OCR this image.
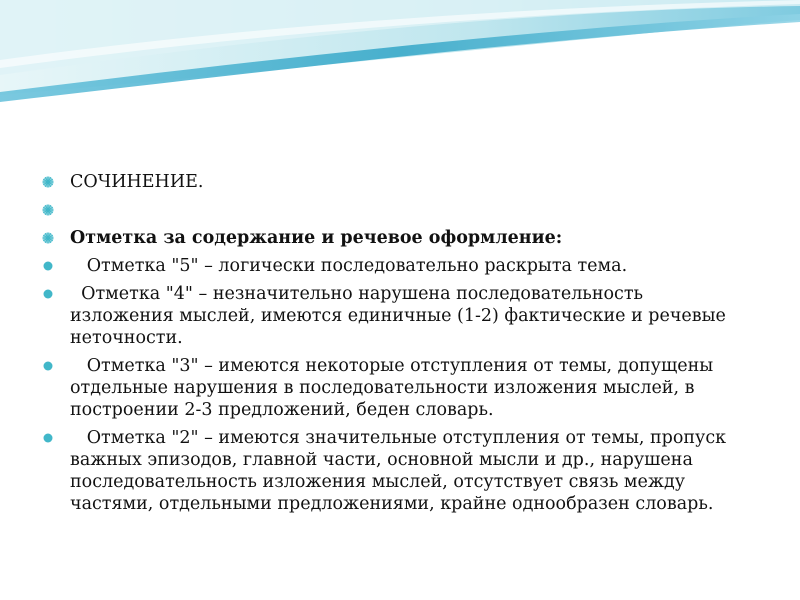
СОЧИНЕНИЕ.
Отметка за содержание и речевое оформление:
Отметка "5" – логически последовательно раскрыта тема.
Отметка "4" – незначительно нарушена последовательность изложения мыслей, имеются единичные (1-2) фактические и речевые неточности.
Отметка "3" – имеются некоторые отступления от темы, допущены отдельные нарушения в последовательности изложения мыслей, в построении 2-3 предложений, беден словарь.
Отметка "2" – имеются значительные отступления от темы, пропуск важных эпизодов, главной части, основной мысли и др., нарушена последовательность изложения мыслей, отсутствует связь между частями, отдельными предложениями, крайне однообразен словарь.
